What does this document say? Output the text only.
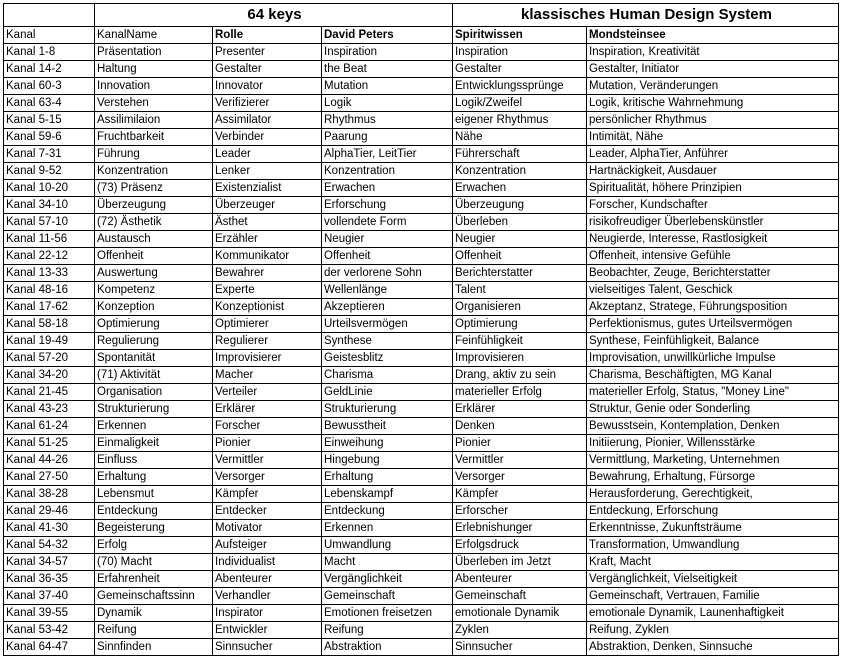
	64 keys			klassisches Human Design System	
Kanal	KanalName	Rolle	David Peters	Spiritwissen	Mondsteinsee
Kanal 1-8	Präsentation	Presenter	Inspiration	Inspiration	Inspiration, Kreativität
Kanal 14-2	Haltung	Gestalter	the Beat	Gestalter	Gestalter, Initiator
Kanal 60-3	Innovation	Innovator	Mutation	Entwicklungssprünge	Mutation, Veränderungen
Kanal 63-4	Verstehen	Verifizierer	Logik	Logik/Zweifel	Logik, kritische Wahrnehmung
Kanal 5-15	Assilimilaion	Assimilator	Rhythmus	eigener Rhythmus	persönlicher Rhythmus
Kanal 59-6	Fruchtbarkeit	Verbinder	Paarung	Nähe	Intimität, Nähe
Kanal 7-31	Führung	Leader	AlphaTier, LeitTier	Führerschaft	Leader, AlphaTier, Anführer
Kanal 9-52	Konzentration	Lenker	Konzentration	Konzentration	Hartnäckigkeit, Ausdauer
Kanal 10-20	(73) Präsenz	Existenzialist	Erwachen	Erwachen	Spiritualität, höhere Prinzipien
Kanal 34-10	Überzeugung	Überzeuger	Erforschung	Überzeugung	Forscher, Kundschafter
Kanal 57-10	(72) Ästhetik	Ästhet	vollendete Form	Überleben	risikofreudiger Überlebenskünstler
Kanal 11-56	Austausch	Erzähler	Neugier	Neugier	Neugierde, Interesse, Rastlosigkeit
Kanal 22-12	Offenheit	Kommunikator	Offenheit	Offenheit	Offenheit, intensive Gefühle
Kanal 13-33	Auswertung	Bewahrer	der verlorene Sohn	Berichterstatter	Beobachter, Zeuge, Berichterstatter
Kanal 48-16	Kompetenz	Experte	Wellenlänge	Talent	vielseitiges Talent, Geschick
Kanal 17-62	Konzeption	Konzeptionist	Akzeptieren	Organisieren	Akzeptanz, Stratege, Führungsposition
Kanal 58-18	Optimierung	Optimierer	Urteilsvermögen	Optimierung	Perfektionismus, gutes Urteilsvermögen
Kanal 19-49	Regulierung	Regulierer	Synthese	Feinfühligkeit	Synthese, Feinfühligkeit, Balance
Kanal 57-20	Spontanität	Improvisierer	Geistesblitz	Improvisieren	Improvisation, unwillkürliche Impulse
Kanal 34-20	(71) Aktivität	Macher	Charisma	Drang, aktiv zu sein	Charisma, Beschäftigten, MG Kanal
Kanal 21-45	Organisation	Verteiler	GeldLinie	materieller Erfolg	materieller Erfolg, Status, "Money Line"
Kanal 43-23	Strukturierung	Erklärer	Strukturierung	Erklärer	Struktur, Genie oder Sonderling
Kanal 61-24	Erkennen	Forscher	Bewusstheit	Denken	Bewusstsein, Kontemplation, Denken
Kanal 51-25	Einmaligkeit	Pionier	Einweihung	Pionier	Initiierung, Pionier, Willensstärke
Kanal 44-26	Einfluss	Vermittler	Hingebung	Vermittler	Vermittlung, Marketing, Unternehmen
Kanal 27-50	Erhaltung	Versorger	Erhaltung	Versorger	Bewahrung, Erhaltung, Fürsorge
Kanal 38-28	Lebensmut	Kämpfer	Lebenskampf	Kämpfer	Herausforderung, Gerechtigkeit,
Kanal 29-46	Entdeckung	Entdecker	Entdeckung	Erforscher	Entdeckung, Erforschung
Kanal 41-30	Begeisterung	Motivator	Erkennen	Erlebnishunger	Erkenntnisse, Zukunftsträume
Kanal 54-32	Erfolg	Aufsteiger	Umwandlung	Erfolgsdruck	Transformation, Umwandlung
Kanal 34-57	(70) Macht	Individualist	Macht	Überleben im Jetzt	Kraft, Macht
Kanal 36-35	Erfahrenheit	Abenteurer	Vergänglichkeit	Abenteurer	Vergänglichkeit, Vielseitigkeit
Kanal 37-40	Gemeinschaftssinn	Verhandler	Gemeinschaft	Gemeinschaft	Gemeinschaft, Vertrauen, Familie
Kanal 39-55	Dynamik	Inspirator	Emotionen freisetzen	emotionale Dynamik	emotionale Dynamik, Launenhaftigkeit
Kanal 53-42	Reifung	Entwickler	Reifung	Zyklen	Reifung, Zyklen
Kanal 64-47	Sinnfinden	Sinnsucher	Abstraktion	Sinnsucher	Abstraktion, Denken, Sinnsuche
